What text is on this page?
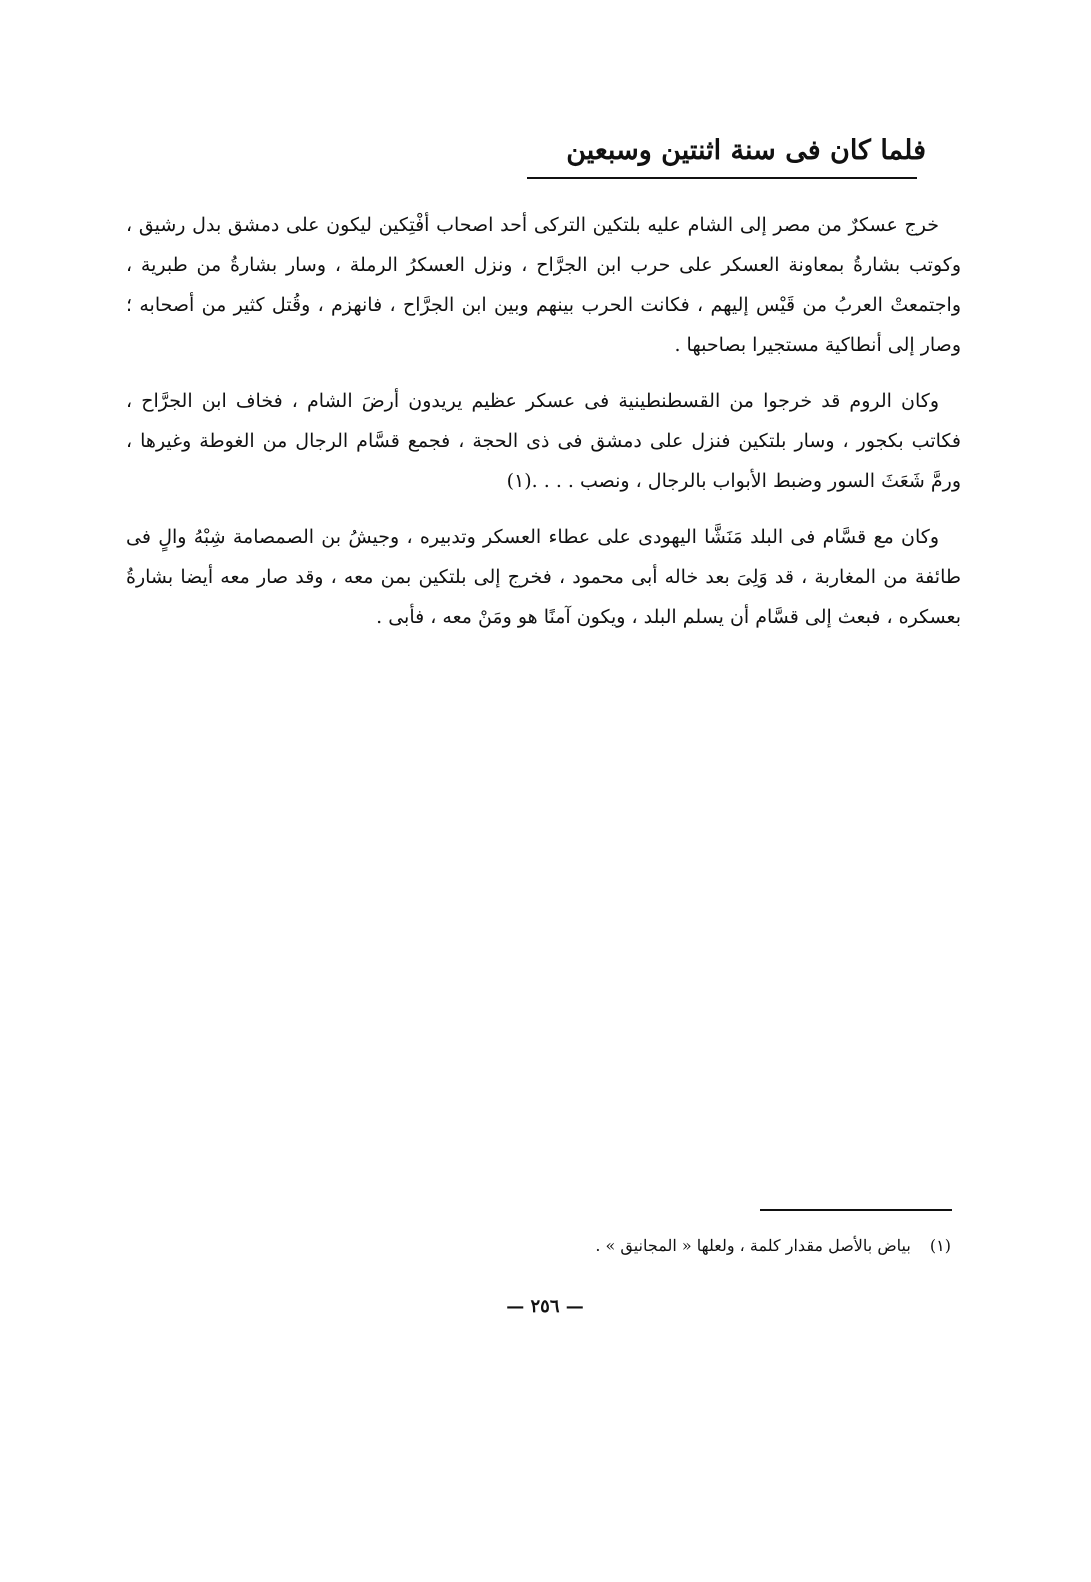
فلما كان فى سنة اثنتين وسبعين

خرج عسكرٌ من مصر إلى الشام عليه بلتكين التركى أحد اصحاب أفْتِكين ليكون على دمشق بدل رشيق ، وكوتب بشارةُ بمعاونة العسكر على حرب ابن الجرَّاح ، ونزل العسكرُ الرملة ، وسار بشارةُ من طبرية ، واجتمعتْ العربُ من قَيْس إليهم ، فكانت الحرب بينهم وبين ابن الجرَّاح ، فانهزم ، وقُتل كثير من أصحابه ؛ وصار إلى أنطاكية مستجيرا بصاحبها .

وكان الروم قد خرجوا من القسطنطينية فى عسكر عظيم يريدون أرضَ الشام ، فخاف ابن الجرَّاح ، فكاتب بكجور ، وسار بلتكين فنزل على دمشق فى ذى الحجة ، فجمع قسَّام الرجال من الغوطة وغيرها ، ورمَّ شَعَثَ السور وضبط الأبواب بالرجال ، ونصب . . . .(١)

وكان مع قسَّام فى البلد مَنَشَّا اليهودى على عطاء العسكر وتدبيره ، وجيشُ بن الصمصامة شِبْهُ والٍ فى طائفة من المغاربة ، قد وَلِىَ بعد خاله أبى محمود ، فخرج إلى بلتكين بمن معه ، وقد صار معه أيضا بشارةُ بعسكره ، فبعث إلى قسَّام أن يسلم البلد ، ويكون آمنًا هو ومَنْ معه ، فأبى .

(١) بياض بالأصل مقدار كلمة ، ولعلها « المجانيق » .

— ٢٥٦ —
